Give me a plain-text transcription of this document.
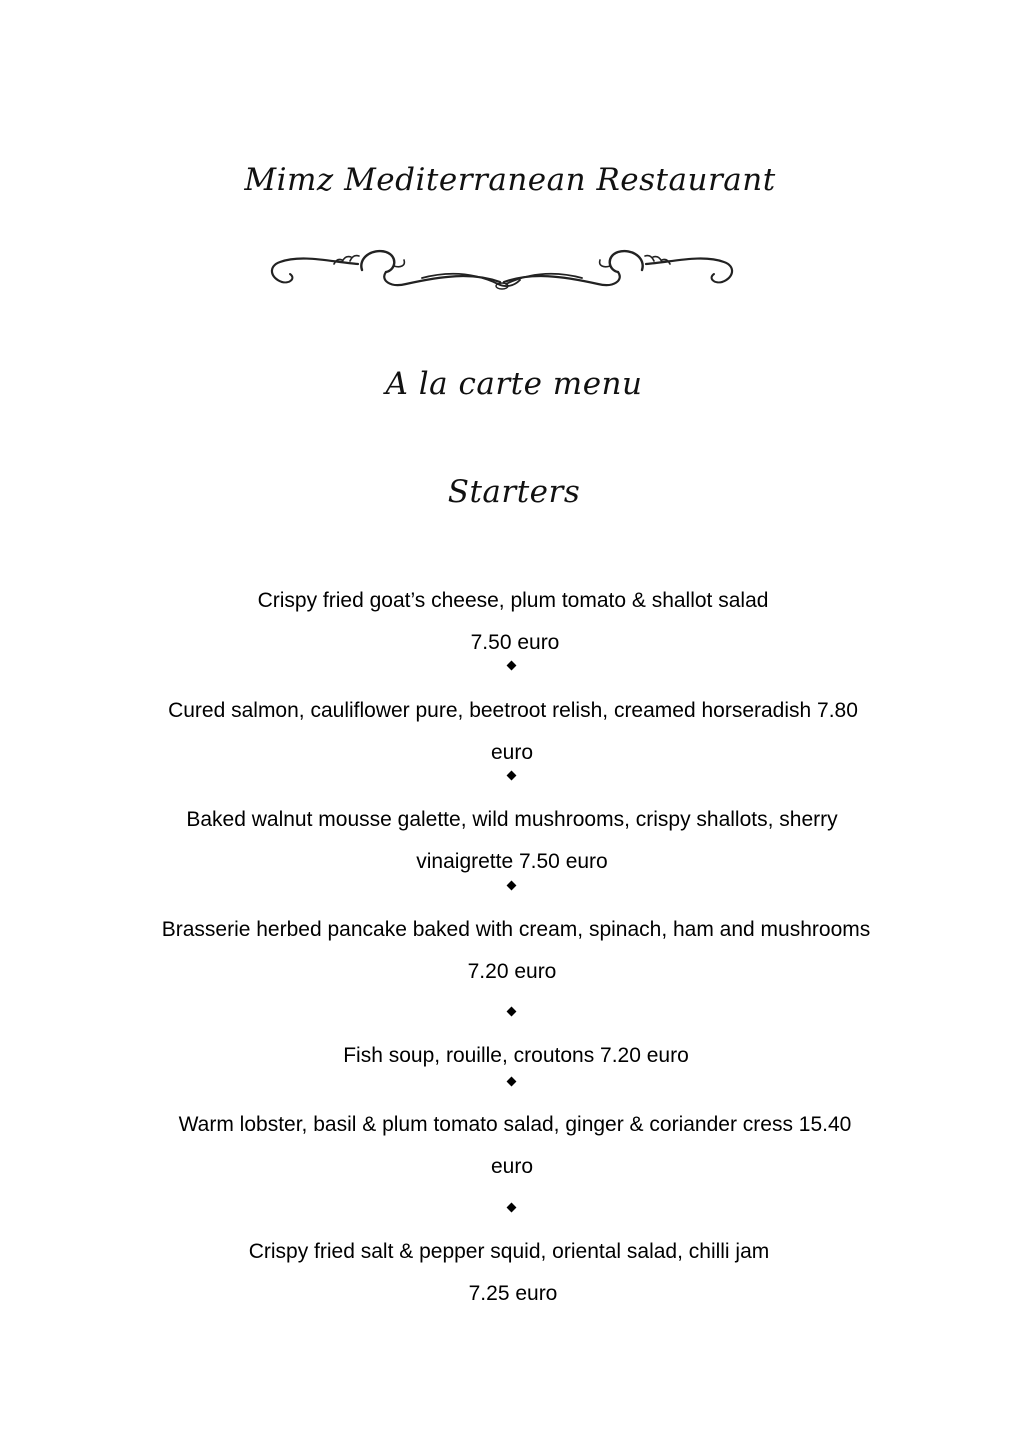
Mimz Mediterranean Restaurant
A la carte menu
Starters
Crispy fried goat’s cheese, plum tomato & shallot salad
7.50 euro
Cured salmon, cauliflower pure, beetroot relish, creamed horseradish 7.80
euro
Baked walnut mousse galette, wild mushrooms, crispy shallots, sherry
vinaigrette 7.50 euro
Brasserie herbed pancake baked with cream, spinach, ham and mushrooms
7.20 euro
Fish soup, rouille, croutons 7.20 euro
Warm lobster, basil & plum tomato salad, ginger & coriander cress 15.40
euro
Crispy fried salt & pepper squid, oriental salad, chilli jam
7.25 euro
